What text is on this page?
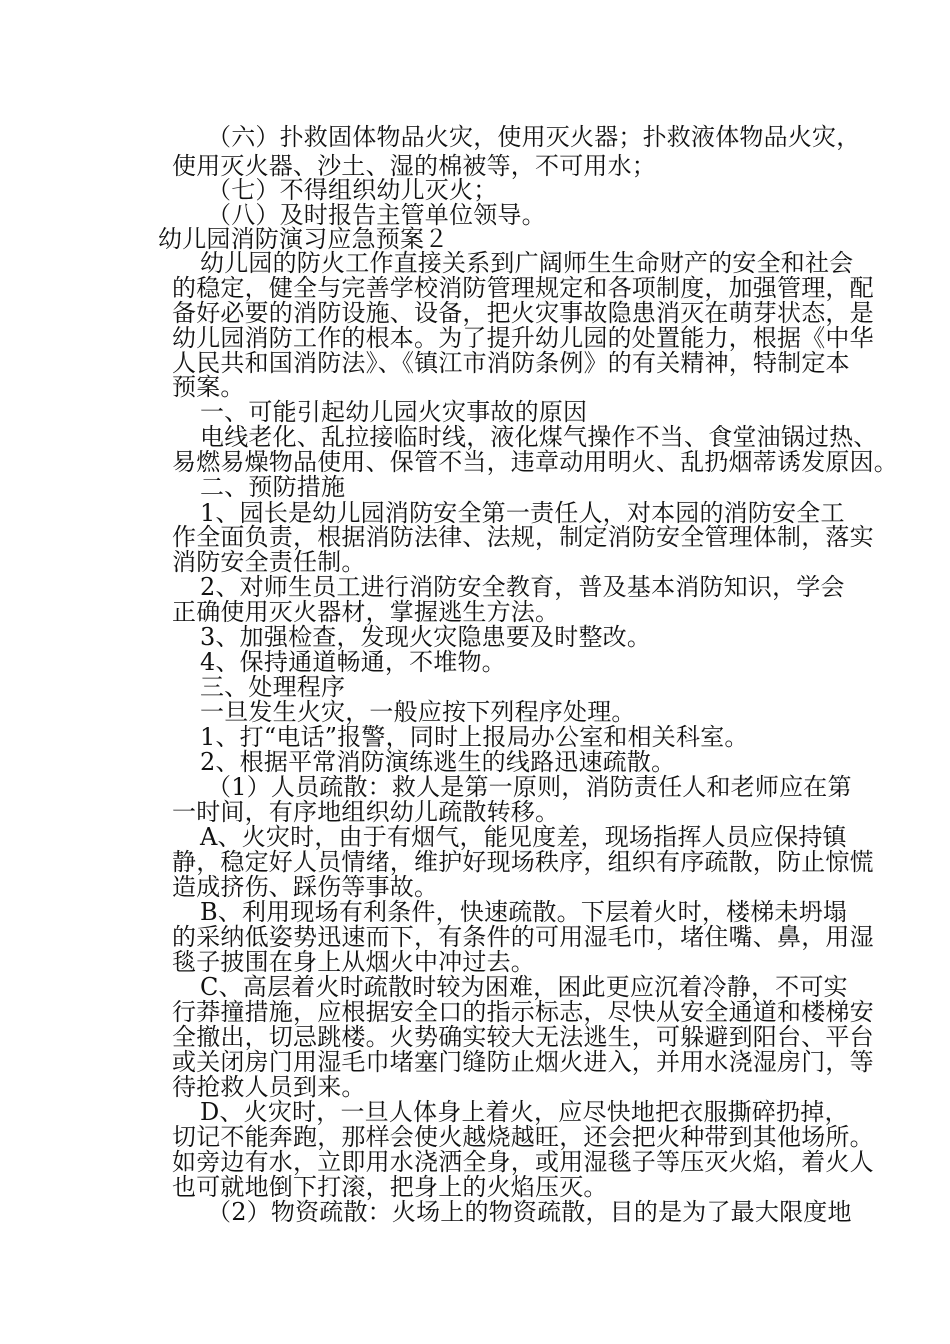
（六）扑救固体物品火灾，使用灭火器；扑救液体物品火灾，
使用灭火器、沙土、湿的棉被等，不可用水；
（七）不得组织幼儿灭火；
（八）及时报告主管单位领导。
幼儿园消防演习应急预案２
幼儿园的防火工作直接关系到广阔师生生命财产的安全和社会
的稳定，健全与完善学校消防管理规定和各项制度，加强管理，配
备好必要的消防设施、设备，把火灾事故隐患消灭在萌芽状态，是
幼儿园消防工作的根本。为了提升幼儿园的处置能力，根据《中华
人民共和国消防法》、《镇江市消防条例》的有关精神，特制定本
预案。
一、可能引起幼儿园火灾事故的原因
电线老化、乱拉接临时线，液化煤气操作不当、食堂油锅过热、
易燃易燥物品使用、保管不当，违章动用明火、乱扔烟蒂诱发原因。
二、预防措施
1、园长是幼儿园消防安全第一责任人，对本园的消防安全工
作全面负责，根据消防法律、法规，制定消防安全管理体制，落实
消防安全责任制。
2、对师生员工进行消防安全教育，普及基本消防知识，学会
正确使用灭火器材，掌握逃生方法。
3、加强检查，发现火灾隐患要及时整改。
4、保持通道畅通，不堆物。
三、处理程序
一旦发生火灾，一般应按下列程序处理。
1、打“电话”报警，同时上报局办公室和相关科室。
2、根据平常消防演练逃生的线路迅速疏散。
（1）人员疏散：救人是第一原则，消防责任人和老师应在第
一时间，有序地组织幼儿疏散转移。
A、火灾时，由于有烟气，能见度差，现场指挥人员应保持镇
静，稳定好人员情绪，维护好现场秩序，组织有序疏散，防止惊慌
造成挤伤、踩伤等事故。
B、利用现场有利条件，快速疏散。下层着火时，楼梯未坍塌
的采纳低姿势迅速而下，有条件的可用湿毛巾，堵住嘴、鼻，用湿
毯子披围在身上从烟火中冲过去。
C、高层着火时疏散时较为困难，困此更应沉着冷静，不可实
行莽撞措施，应根据安全口的指示标志，尽快从安全通道和楼梯安
全撤出，切忌跳楼。火势确实较大无法逃生，可躲避到阳台、平台
或关闭房门用湿毛巾堵塞门缝防止烟火进入，并用水浇湿房门，等
待抢救人员到来。
D、火灾时，一旦人体身上着火，应尽快地把衣服撕碎扔掉，
切记不能奔跑，那样会使火越烧越旺，还会把火种带到其他场所。
如旁边有水，立即用水浇洒全身，或用湿毯子等压灭火焰，着火人
也可就地倒下打滚，把身上的火焰压灭。
（2）物资疏散：火场上的物资疏散，目的是为了最大限度地
